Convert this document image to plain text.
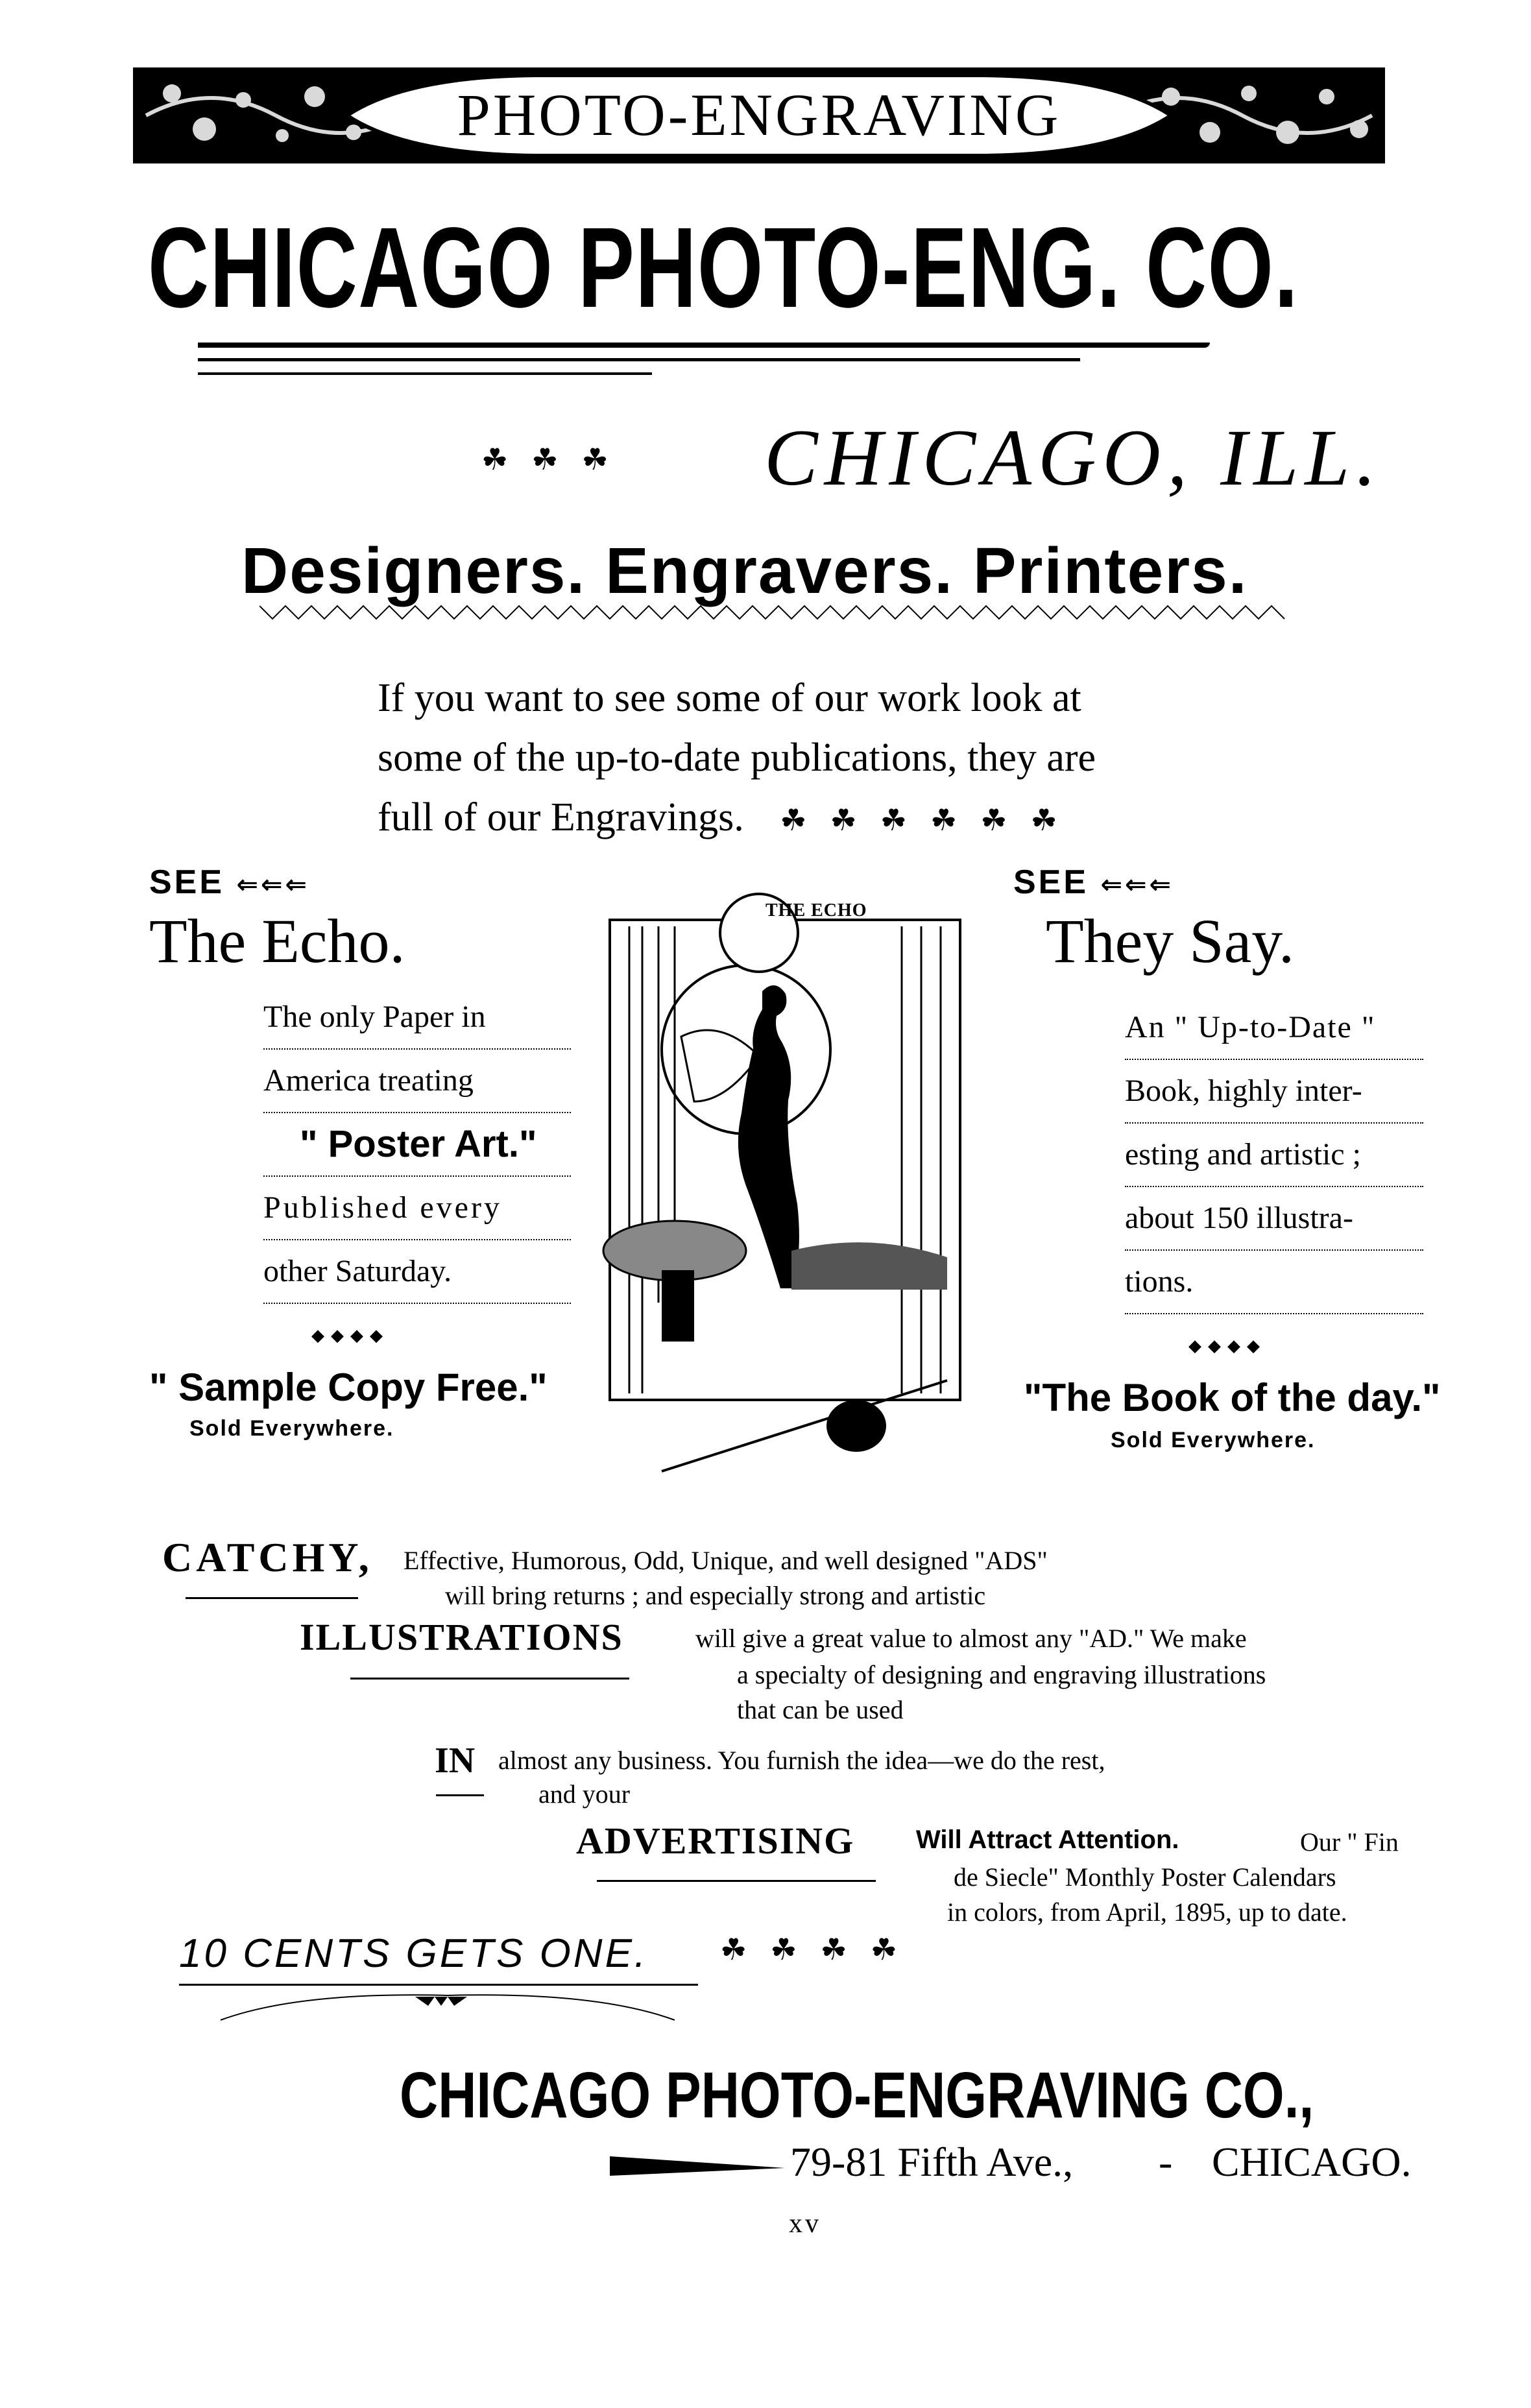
PHOTO-ENGRAVING
CHICAGO PHOTO-ENG. CO.
☘ ☘ ☘ CHICAGO, ILL.
Designers. Engravers. Printers.
If you want to see some of our work look at
some of the up-to-date publications, they are
full of our Engravings. ☘ ☘ ☘ ☘ ☘ ☘
SEE ⇐⇐⇐
The Echo.
The only Paper in
America treating
" Poster Art."
Published every
other Saturday.
◆◆◆◆
" Sample Copy Free."
Sold Everywhere.
THE ECHO
SEE ⇐⇐⇐
They Say.
An " Up-to-Date "
Book, highly inter-
esting and artistic ;
about 150 illustra-
tions.
◆◆◆◆
"The Book of the day."
Sold Everywhere.
CATCHY, Effective, Humorous, Odd, Unique, and well designed "ADS"
will bring returns ; and especially strong and artistic
ILLUSTRATIONS	will give a great value to almost any "AD." We make
a specialty of designing and engraving illustrations
that can be used
IN almost any business. You furnish the idea—we do the rest,
and your
ADVERTISING Will Attract Attention.	Our " Fin
de Siecle" Monthly Poster Calendars
in colors, from April, 1895, up to date.
10 CENTS GETS ONE. ☘ ☘ ☘ ☘
CHICAGO PHOTO-ENGRAVING CO.,
79-81 Fifth Ave., - CHICAGO.
xv
